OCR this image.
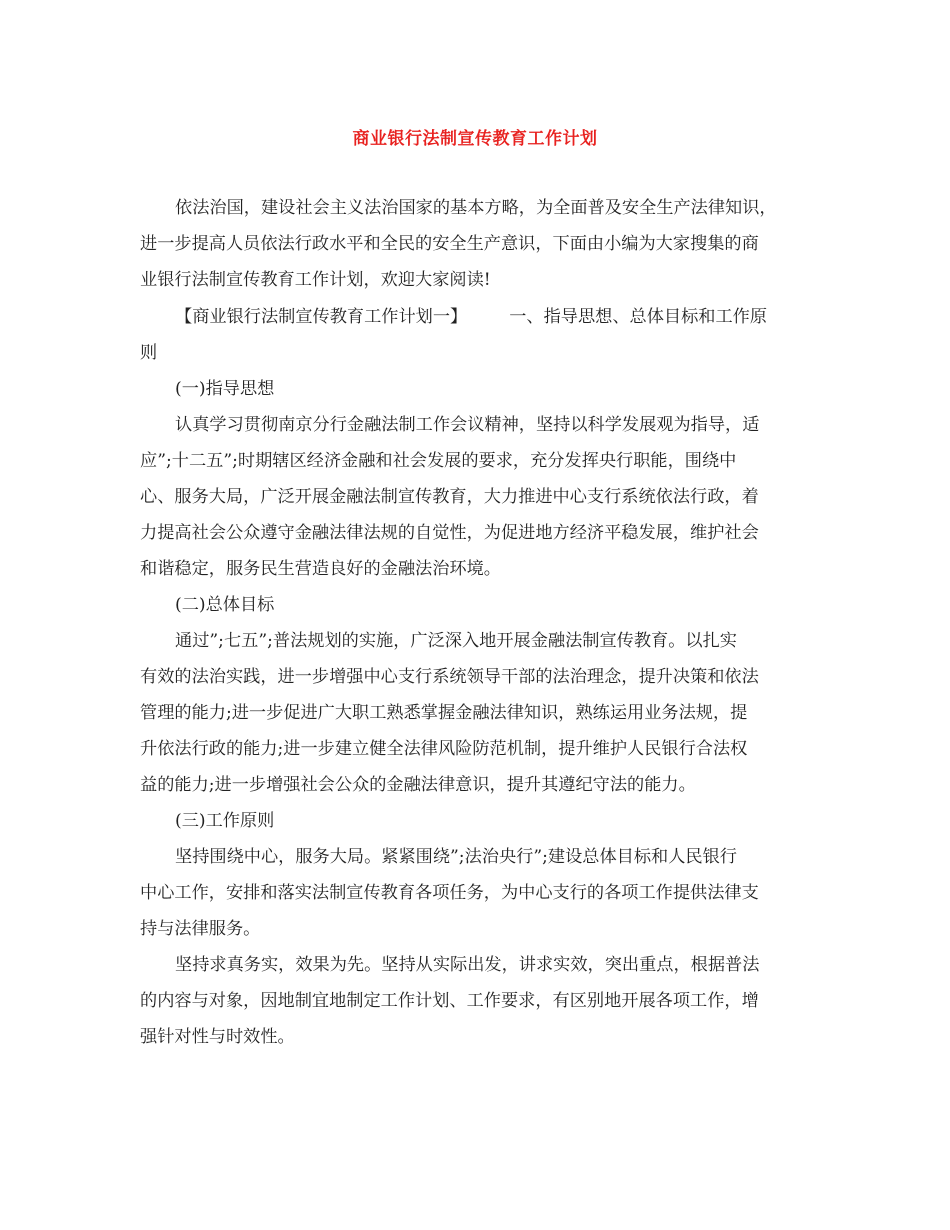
商业银行法制宣传教育工作计划
依法治国，建设社会主义法治国家的基本方略，为全面普及安全生产法律知识，
进一步提高人员依法行政水平和全民的安全生产意识，下面由小编为大家搜集的商
业银行法制宣传教育工作计划，欢迎大家阅读!
【商业银行法制宣传教育工作计划一】 一、指导思想、总体目标和工作原
则
(一)指导思想
认真学习贯彻南京分行金融法制工作会议精神，坚持以科学发展观为指导，适
应”;十二五”;时期辖区经济金融和社会发展的要求，充分发挥央行职能，围绕中
心、服务大局，广泛开展金融法制宣传教育，大力推进中心支行系统依法行政，着
力提高社会公众遵守金融法律法规的自觉性，为促进地方经济平稳发展，维护社会
和谐稳定，服务民生营造良好的金融法治环境。
(二)总体目标
通过”;七五”;普法规划的实施，广泛深入地开展金融法制宣传教育。以扎实
有效的法治实践，进一步增强中心支行系统领导干部的法治理念，提升决策和依法
管理的能力;进一步促进广大职工熟悉掌握金融法律知识，熟练运用业务法规，提
升依法行政的能力;进一步建立健全法律风险防范机制，提升维护人民银行合法权
益的能力;进一步增强社会公众的金融法律意识，提升其遵纪守法的能力。
(三)工作原则
坚持围绕中心，服务大局。紧紧围绕”;法治央行”;建设总体目标和人民银行
中心工作，安排和落实法制宣传教育各项任务，为中心支行的各项工作提供法律支
持与法律服务。
坚持求真务实，效果为先。坚持从实际出发，讲求实效，突出重点，根据普法
的内容与对象，因地制宜地制定工作计划、工作要求，有区别地开展各项工作，增
强针对性与时效性。
